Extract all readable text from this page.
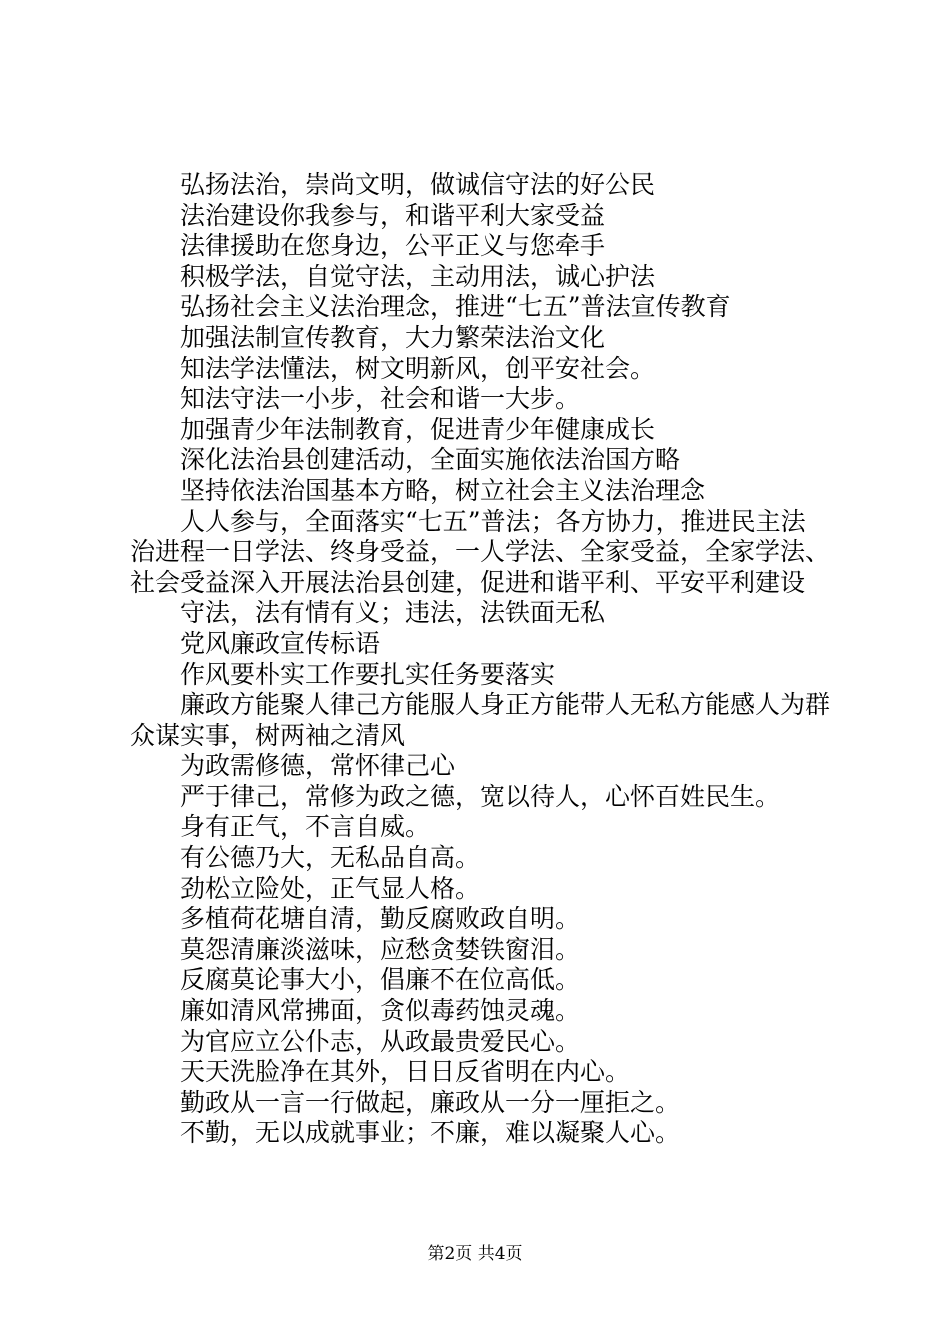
弘扬法治，崇尚文明，做诚信守法的好公民
法治建设你我参与，和谐平利大家受益
法律援助在您身边，公平正义与您牵手
积极学法，自觉守法，主动用法，诚心护法
弘扬社会主义法治理念，推进“七五”普法宣传教育
加强法制宣传教育，大力繁荣法治文化
知法学法懂法，树文明新风，创平安社会。
知法守法一小步，社会和谐一大步。
加强青少年法制教育，促进青少年健康成长
深化法治县创建活动，全面实施依法治国方略
坚持依法治国基本方略，树立社会主义法治理念
人人参与，全面落实“七五”普法；各方协力，推进民主法治进程一日学法、终身受益，一人学法、全家受益，全家学法、社会受益深入开展法治县创建，促进和谐平利、平安平利建设
守法，法有情有义；违法，法铁面无私
党风廉政宣传标语
作风要朴实工作要扎实任务要落实
廉政方能聚人律己方能服人身正方能带人无私方能感人为群众谋实事，树两袖之清风
为政需修德，常怀律己心
严于律己，常修为政之德，宽以待人，心怀百姓民生。
身有正气，不言自威。
有公德乃大，无私品自高。
劲松立险处，正气显人格。
多植荷花塘自清，勤反腐败政自明。
莫怨清廉淡滋味，应愁贪婪铁窗泪。
反腐莫论事大小，倡廉不在位高低。
廉如清风常拂面，贪似毒药蚀灵魂。
为官应立公仆志，从政最贵爱民心。
天天洗脸净在其外，日日反省明在内心。
勤政从一言一行做起，廉政从一分一厘拒之。
不勤，无以成就事业；不廉，难以凝聚人心。
第2页 共4页
